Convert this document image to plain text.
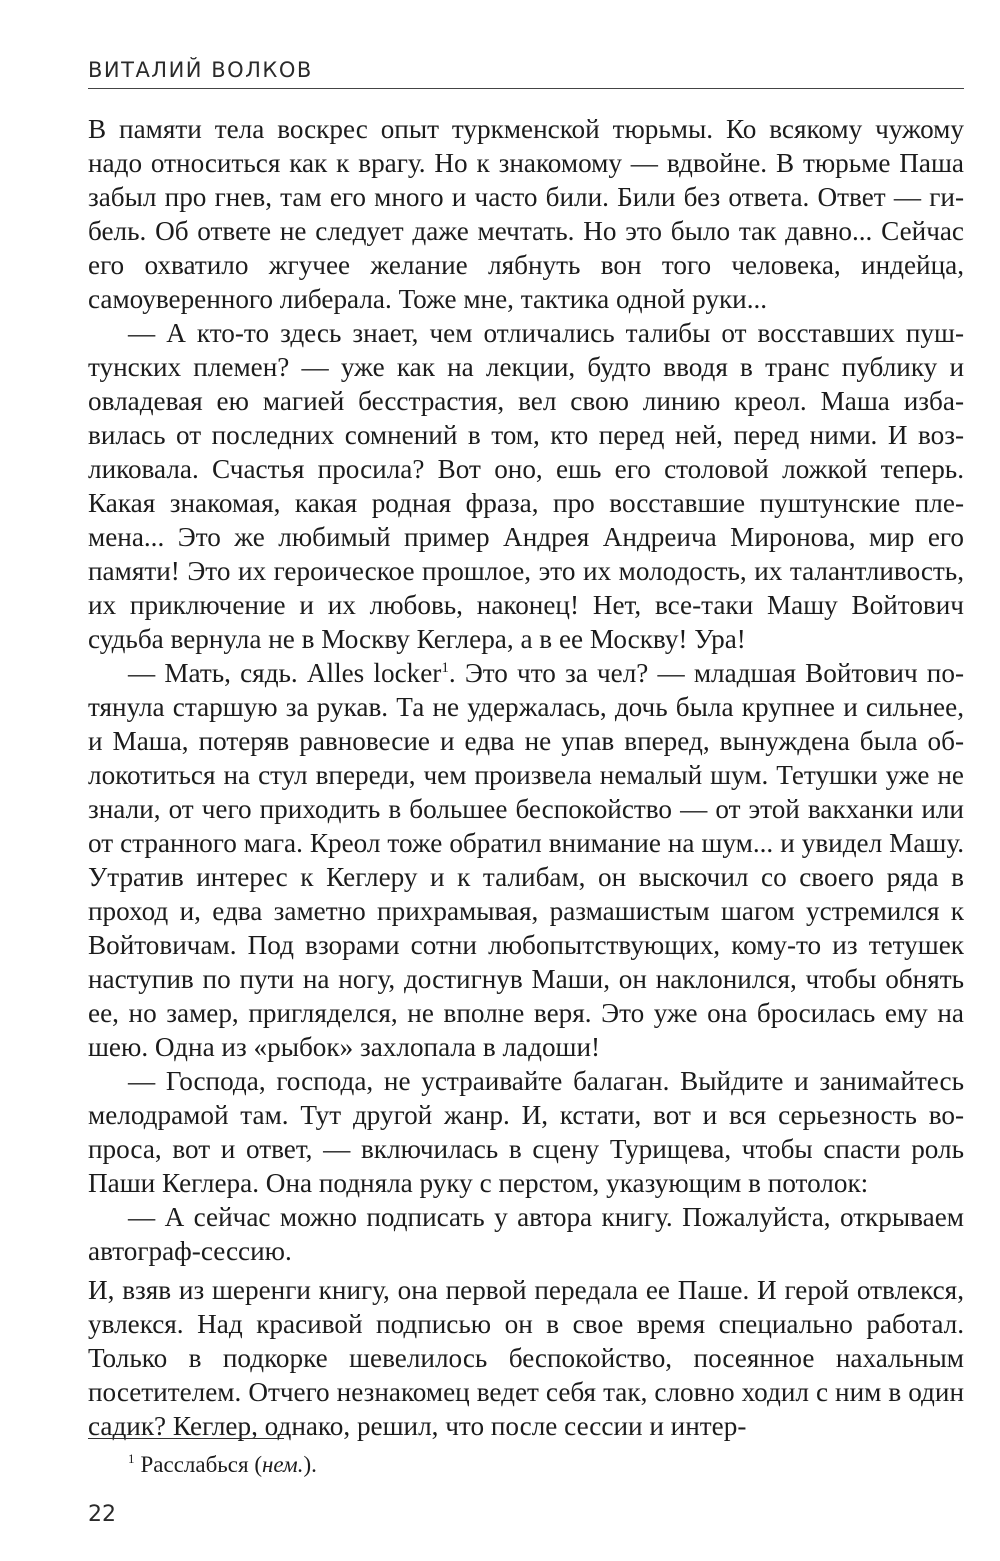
ВИТАЛИЙ ВОЛКОВ

В памяти тела воскрес опыт туркменской тюрьмы. Ко всякому чужому надо относиться как к врагу. Но к знакомому — вдвойне. В тюрьме Паша забыл про гнев, там его много и часто били. Били без ответа. Ответ — гибель. Об ответе не следует даже мечтать. Но это было так давно... Сейчас его охватило жгучее желание лябнуть вон того человека, индейца, самоуверенного либерала. Тоже мне, тактика одной руки...

— А кто-то здесь знает, чем отличались талибы от восставших пуштунских племен? — уже как на лекции, будто вводя в транс публику и овладевая ею магией бесстрастия, вел свою линию креол. Маша избавилась от последних сомнений в том, кто перед ней, перед ними. И возликовала. Счастья просила? Вот оно, ешь его столовой ложкой теперь. Какая знакомая, какая родная фраза, про восставшие пуштунские племена... Это же любимый пример Андрея Андреича Миронова, мир его памяти! Это их героическое прошлое, это их молодость, их талантливость, их приключение и их любовь, наконец! Нет, все-таки Машу Войтович судьба вернула не в Москву Кеглера, а в ее Москву! Ура!

— Мать, сядь. Alles locker$^1$. Это что за чел? — младшая Войтович потянула старшую за рукав. Та не удержалась, дочь была крупнее и сильнее, и Маша, потеряв равновесие и едва не упав вперед, вынуждена была облокотиться на стул впереди, чем произвела немалый шум. Тетушки уже не знали, от чего приходить в большее беспокойство — от этой вакханки или от странного мага. Креол тоже обратил внимание на шум... и увидел Машу. Утратив интерес к Кеглеру и к талибам, он выскочил со своего ряда в проход и, едва заметно прихрамывая, размашистым шагом устремился к Войтовичам. Под взорами сотни любопытствующих, кому-то из тетушек наступив по пути на ногу, достигнув Маши, он наклонился, чтобы обнять ее, но замер, пригляделся, не вполне веря. Это уже она бросилась ему на шею. Одна из «рыбок» захлопала в ладоши!

— Господа, господа, не устраивайте балаган. Выйдите и занимайтесь мелодрамой там. Тут другой жанр. И, кстати, вот и вся серьезность вопроса, вот и ответ, — включилась в сцену Турищева, чтобы спасти роль Паши Кеглера. Она подняла руку с перстом, указующим в потолок:

— А сейчас можно подписать у автора книгу. Пожалуйста, открываем автограф-сессию.

И, взяв из шеренги книгу, она первой передала ее Паше. И герой отвлекся, увлекся. Над красивой подписью он в свое время специально работал. Только в подкорке шевелилось беспокойство, посеянное нахальным посетителем. Отчего незнакомец ведет себя так, словно ходил с ним в один садик? Кеглер, однако, решил, что после сессии и интер-

$^1$ Расслабься (нем.).
22
